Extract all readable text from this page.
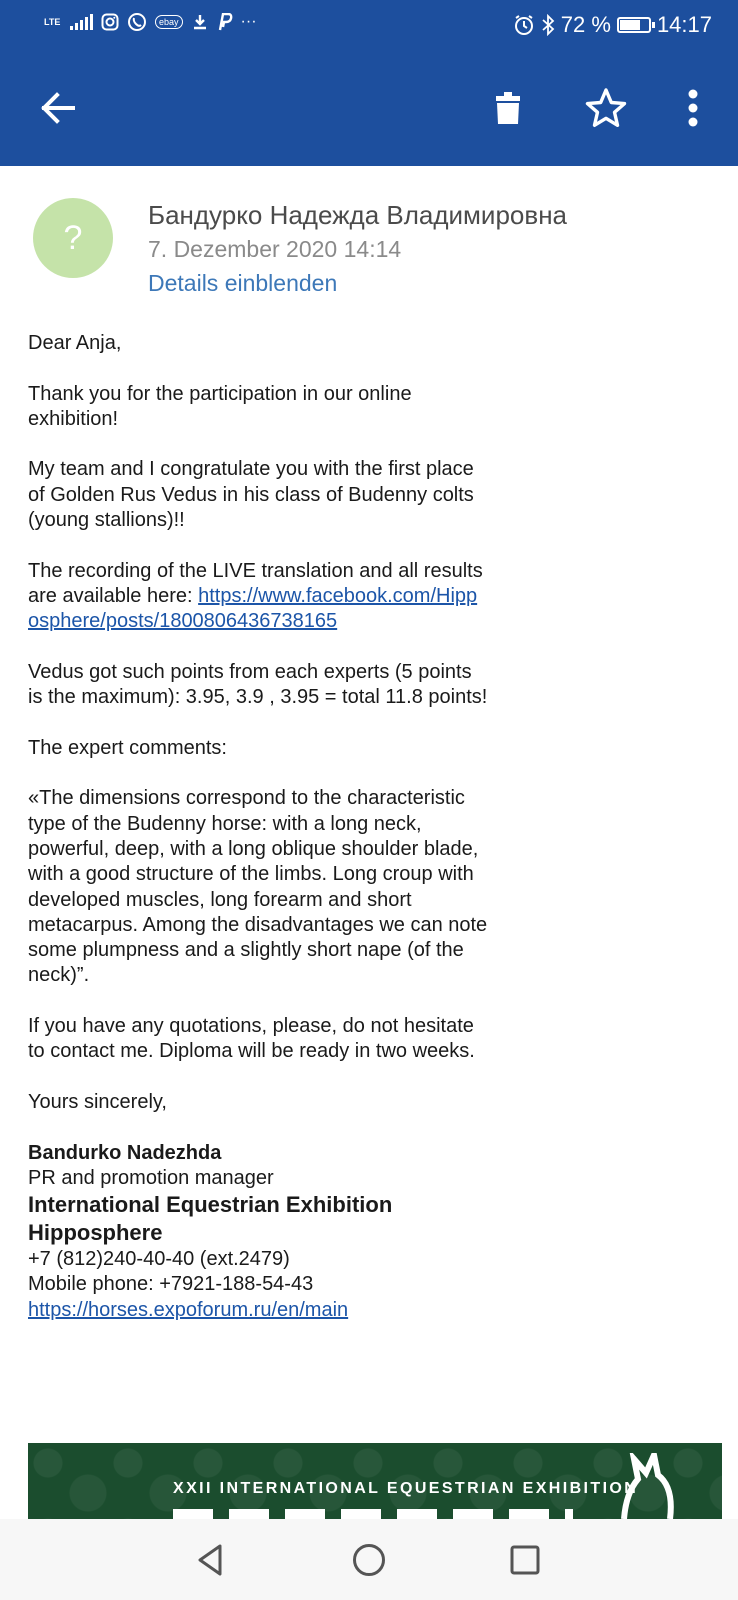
LTE	ebay	···	72 % 14:17
?
Бандурко Надежда Владимировна
7. Dezember 2020 14:14
Details einblenden

Dear Anja,

Thank you for the participation in our online exhibition!

My team and I congratulate you with the first place of Golden Rus Vedus in his class of Budenny colts (young stallions)!!

The recording of the LIVE translation and all results are available here: https://www.facebook.com/Hipposphere/posts/1800806436738165

Vedus got such points from each experts (5 points is the maximum): 3.95, 3.9 , 3.95 = total 11.8 points!

The expert comments:

«The dimensions correspond to the characteristic type of the Budenny horse: with a long neck, powerful, deep, with a long oblique shoulder blade, with a good structure of the limbs. Long croup with developed muscles, long forearm and short metacarpus. Among the disadvantages we can note some plumpness and a slightly short nape (of the neck)”.

If you have any quotations, please, do not hesitate to contact me. Diploma will be ready in two weeks.

Yours sincerely,

Bandurko Nadezhda
PR and promotion manager
International Equestrian Exhibition Hipposphere
+7 (812)240-40-40 (ext.2479)
Mobile phone: +7921-188-54-43
https://horses.expoforum.ru/en/main
XXII INTERNATIONAL EQUESTRIAN EXHIBITION
